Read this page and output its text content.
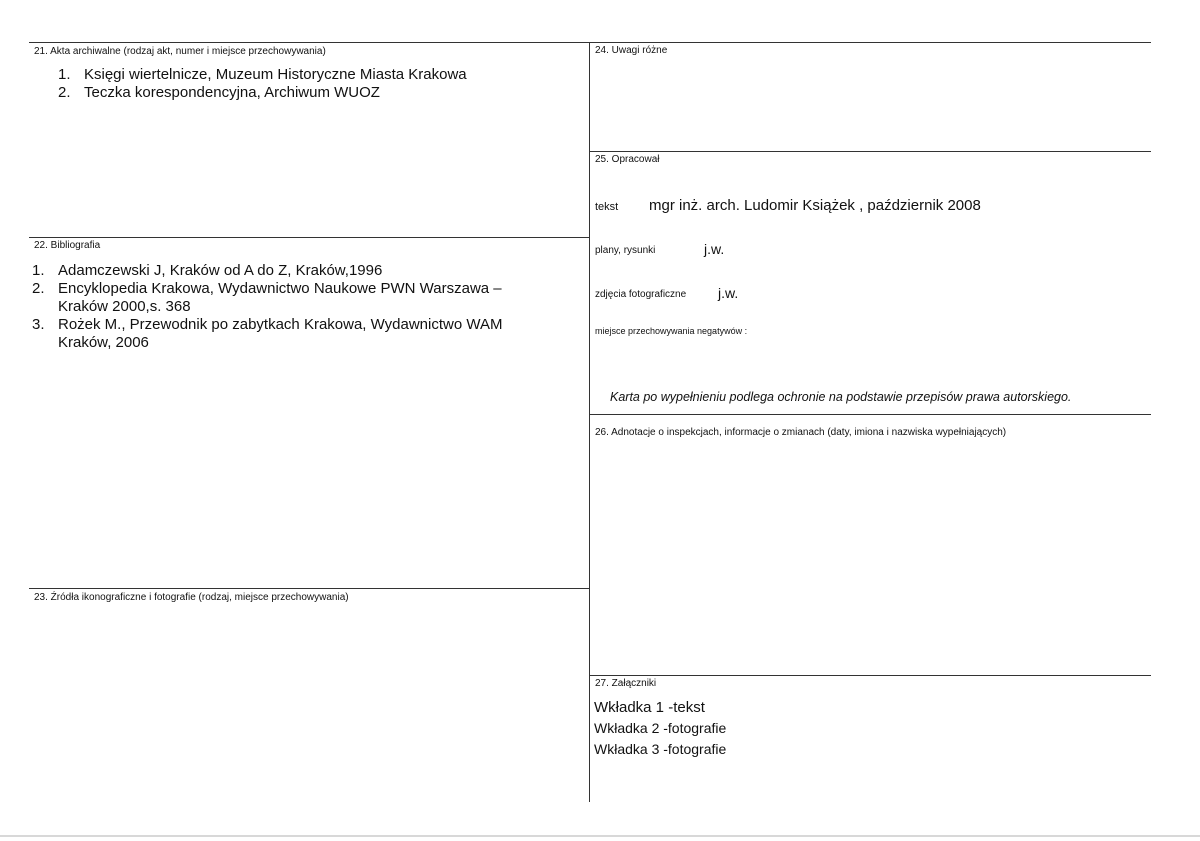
21. Akta archiwalne (rodzaj akt, numer i miejsce przechowywania)
1. Księgi wiertelnicze, Muzeum Historyczne Miasta Krakowa
2. Teczka korespondencyjna, Archiwum WUOZ
22. Bibliografia
1. Adamczewski J, Kraków od A do Z, Kraków,1996
2. Encyklopedia Krakowa, Wydawnictwo Naukowe PWN Warszawa –
Kraków 2000,s. 368
3. Rożek M., Przewodnik po zabytkach Krakowa, Wydawnictwo WAM
Kraków, 2006
23. Źródła ikonograficzne i fotografie (rodzaj, miejsce przechowywania)
24. Uwagi różne
25. Opracował
tekst mgr inż. arch. Ludomir Książek , październik 2008
plany, rysunki	j.w.
zdjęcia fotograficzne j.w.
miejsce przechowywania negatywów :
Karta po wypełnieniu podlega ochronie na podstawie przepisów prawa autorskiego.
26. Adnotacje o inspekcjach, informacje o zmianach (daty, imiona i nazwiska wypełniających)
27. Załączniki
Wkładka 1 -tekst
Wkładka 2 -fotografie
Wkładka 3 -fotografie
